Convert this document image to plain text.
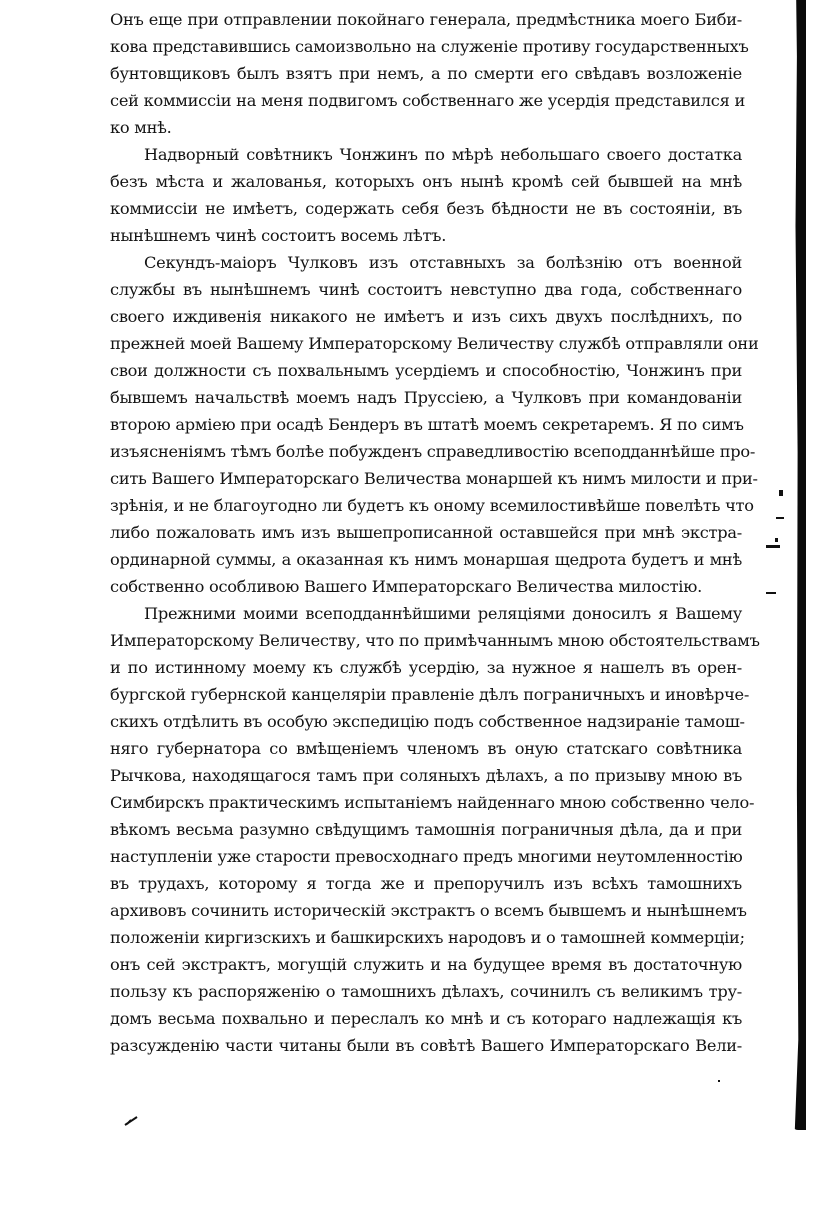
Онъ еще при отправлении покойнаго генерала, предмѣстника моего Биби-
кова представившись самоизвольно на служеніе противу государственныхъ
бунтовщиковъ былъ взятъ при немъ, а по смерти его свѣдавъ возложеніе
сей коммиссіи на меня подвигомъ собственнаго же усердія представился и
ко мнѣ.
Надворный совѣтникъ Чонжинъ по мѣрѣ небольшаго своего достатка
безъ мѣста и жалованья, которыхъ онъ нынѣ кромѣ сей бывшей на мнѣ
коммиссіи не имѣетъ, содержать себя безъ бѣдности не въ состояніи, въ
нынѣшнемъ чинѣ состоитъ восемь лѣтъ.
Секундъ-маіоръ Чулковъ изъ отставныхъ за болѣзнію отъ военной
службы въ нынѣшнемъ чинѣ состоитъ невступно два года, собственнаго
своего иждивенія никакого не имѣетъ и изъ сихъ двухъ послѣднихъ, по
прежней моей Вашему Императорскому Величеству службѣ отправляли они
свои должности съ похвальнымъ усердіемъ и способностію, Чонжинъ при
бывшемъ начальствѣ моемъ надъ Пруссіею, а Чулковъ при командованіи
второю арміею при осадѣ Бендеръ въ штатѣ моемъ секретаремъ. Я по симъ
изъясненіямъ тѣмъ болѣе побужденъ справедливостію всеподданнѣйше про-
сить Вашего Императорскаго Величества монаршей къ нимъ милости и при-
зрѣнія, и не благоугодно ли будетъ къ оному всемилостивѣйше повелѣть что
либо пожаловать имъ изъ вышепрописанной оставшейся при мнѣ экстра-
ординарной суммы, а оказанная къ нимъ монаршая щедрота будетъ и мнѣ
собственно особливою Вашего Императорскаго Величества милостію.
Прежними моими всеподданнѣйшими реляціями доносилъ я Вашему
Императорскому Величеству, что по примѣчаннымъ мною обстоятельствамъ
и по истинному моему къ службѣ усердію, за нужное я нашелъ въ орен-
бургской губернской канцеляріи правленіе дѣлъ пограничныхъ и иновѣрче-
скихъ отдѣлить въ особую экспедицію подъ собственное надзираніе тамош-
няго губернатора со вмѣщеніемъ членомъ въ оную статскаго совѣтника
Рычкова, находящагося тамъ при соляныхъ дѣлахъ, а по призыву мною въ
Симбирскъ практическимъ испытаніемъ найденнаго мною собственно чело-
вѣкомъ весьма разумно свѣдущимъ тамошнія пограничныя дѣла, да и при
наступленіи уже старости превосходнаго предъ многими неутомленностію
въ трудахъ, которому я тогда же и препоручилъ изъ всѣхъ тамошнихъ
архивовъ сочинить историческій экстрактъ о всемъ бывшемъ и нынѣшнемъ
положеніи киргизскихъ и башкирскихъ народовъ и о тамошней коммерціи;
онъ сей экстрактъ, могущій служить и на будущее время въ достаточную
пользу къ распоряженію о тамошнихъ дѣлахъ, сочинилъ съ великимъ тру-
домъ весьма похвально и переслалъ ко мнѣ и съ котораго надлежащія къ
разсужденію части читаны были въ совѣтѣ Вашего Императорскаго Вели-
